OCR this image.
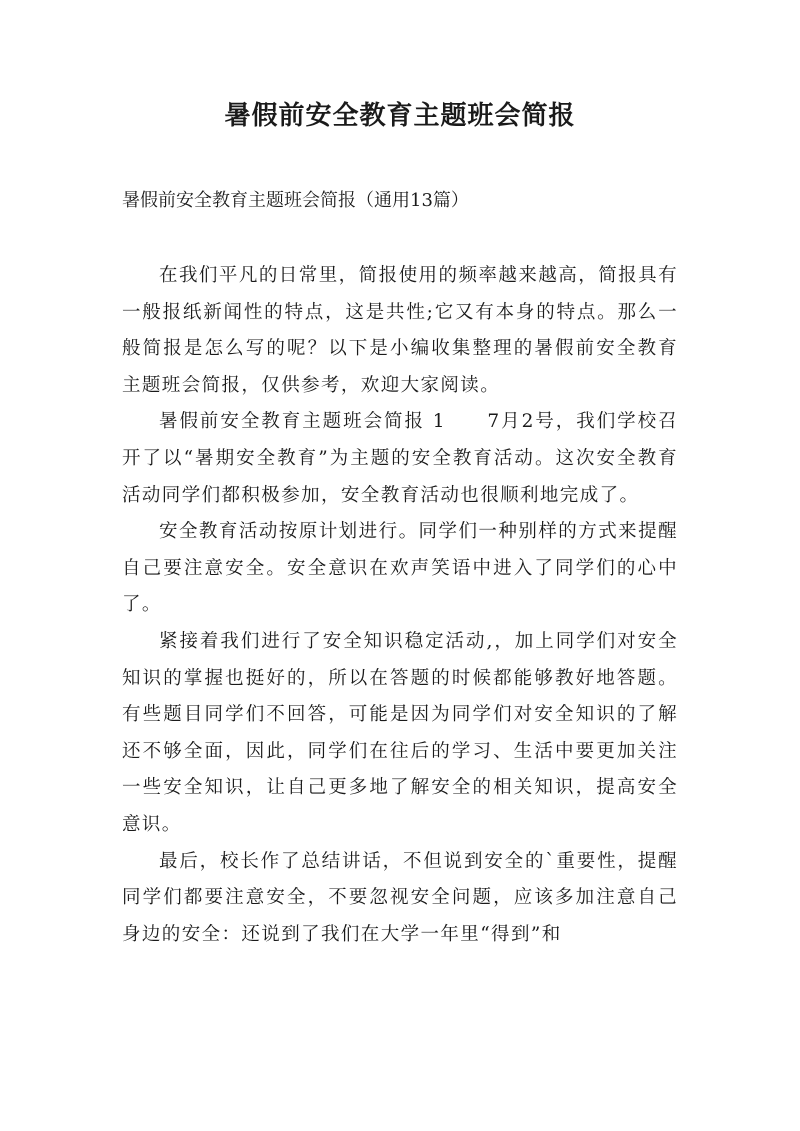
暑假前安全教育主题班会简报

暑假前安全教育主题班会简报（通用13篇）

在我们平凡的日常里，简报使用的频率越来越高，简报具有一般报纸新闻性的特点，这是共性;它又有本身的特点。那么一般简报是怎么写的呢？以下是小编收集整理的暑假前安全教育主题班会简报，仅供参考，欢迎大家阅读。

暑假前安全教育主题班会简报 1　　7月2号，我们学校召开了以“暑期安全教育”为主题的安全教育活动。这次安全教育活动同学们都积极参加，安全教育活动也很顺利地完成了。

安全教育活动按原计划进行。同学们一种别样的方式来提醒自己要注意安全。安全意识在欢声笑语中进入了同学们的心中了。

紧接着我们进行了安全知识稳定活动,，加上同学们对安全知识的掌握也挺好的，所以在答题的时候都能够教好地答题。有些题目同学们不回答，可能是因为同学们对安全知识的了解还不够全面，因此，同学们在往后的学习、生活中要更加关注一些安全知识，让自己更多地了解安全的相关知识，提高安全意识。

最后，校长作了总结讲话，不但说到安全的`重要性，提醒同学们都要注意安全，不要忽视安全问题，应该多加注意自己身边的安全：还说到了我们在大学一年里“得到”和
